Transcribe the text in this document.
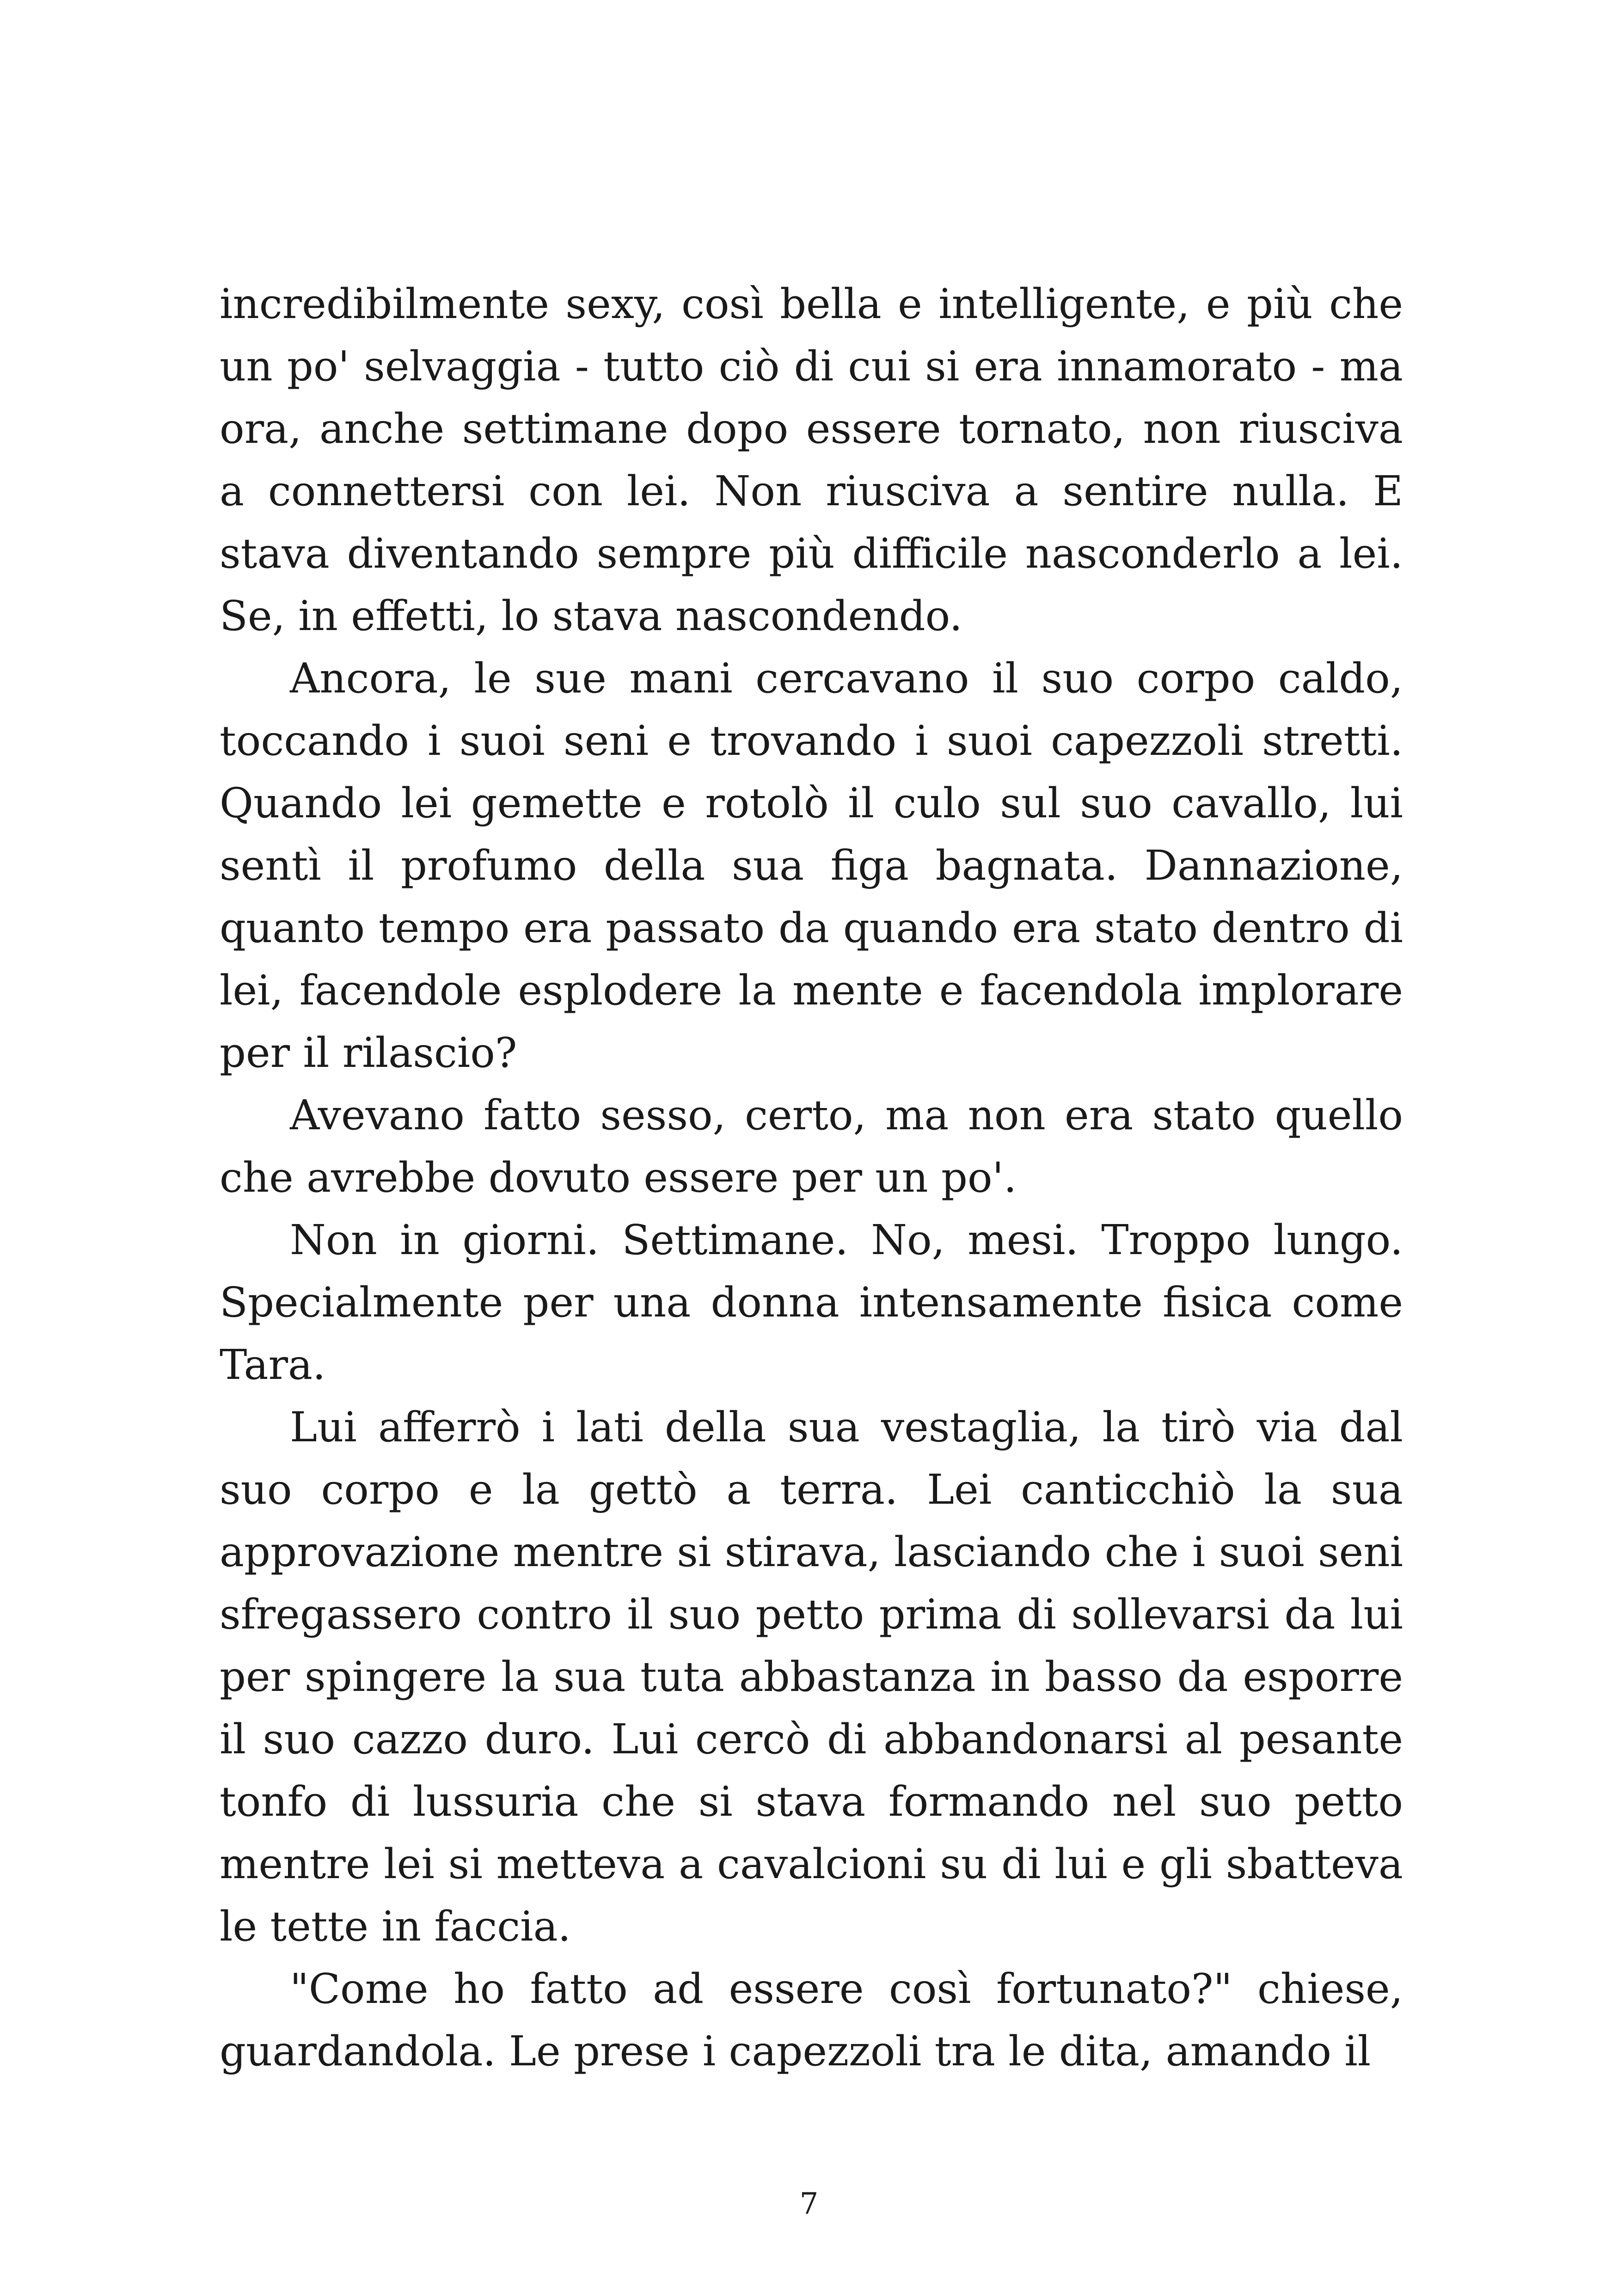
incredibilmente sexy, così bella e intelligente, e più che un po' selvaggia - tutto ciò di cui si era innamorato - ma ora, anche settimane dopo essere tornato, non riusciva a connettersi con lei. Non riusciva a sentire nulla. E stava diventando sempre più difficile nasconderlo a lei. Se, in effetti, lo stava nascondendo.

Ancora, le sue mani cercavano il suo corpo caldo, toccando i suoi seni e trovando i suoi capezzoli stretti. Quando lei gemette e rotolò il culo sul suo cavallo, lui sentì il profumo della sua figa bagnata. Dannazione, quanto tempo era passato da quando era stato dentro di lei, facendole esplodere la mente e facendola implorare per il rilascio?

Avevano fatto sesso, certo, ma non era stato quello che avrebbe dovuto essere per un po'.

Non in giorni. Settimane. No, mesi. Troppo lungo. Specialmente per una donna intensamente fisica come Tara.

Lui afferrò i lati della sua vestaglia, la tirò via dal suo corpo e la gettò a terra. Lei canticchiò la sua approvazione mentre si stirava, lasciando che i suoi seni sfregassero contro il suo petto prima di sollevarsi da lui per spingere la sua tuta abbastanza in basso da esporre il suo cazzo duro. Lui cercò di abbandonarsi al pesante tonfo di lussuria che si stava formando nel suo petto mentre lei si metteva a cavalcioni su di lui e gli sbatteva le tette in faccia.

"Come ho fatto ad essere così fortunato?" chiese, guardandola. Le prese i capezzoli tra le dita, amando il

7
